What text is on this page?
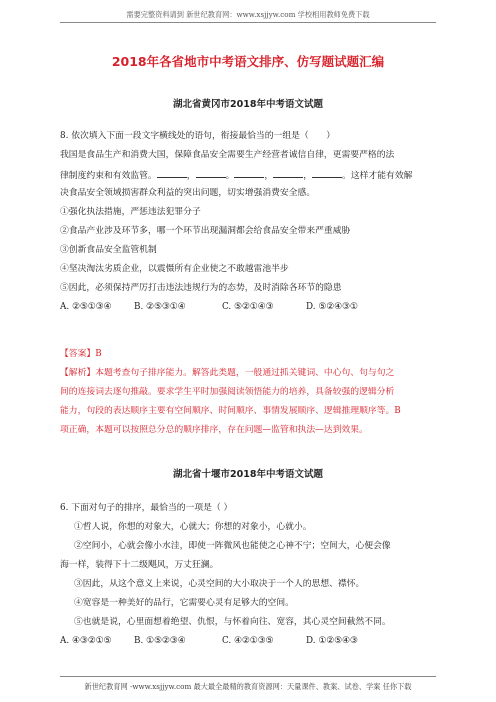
需要完整资料请到 新世纪教育网：www.xsjjyw.com 学校相用教师免费下载
2018年各省地市中考语文排序、仿写题试题汇编
湖北省黄冈市2018年中考语文试题
8. 依次填入下面一段文字横线处的语句，衔接最恰当的一组是（　　）
我国是食品生产和消费大国，保障食品安全需要生产经营者诚信自律，更需要严格的法
律制度约束和有效监管。	，	。	，	，	。这样才能有效解
决食品安全领域损害群众利益的突出问题，切实增强消费安全感。
①强化执法措施，严惩违法犯罪分子
②食品产业涉及环节多，哪一个环节出现漏洞都会给食品安全带来严重威胁
③创新食品安全监管机制
④坚决淘汰劣质企业，以震慑所有企业使之不敢越雷池半步
⑤因此，必须保持严厉打击违法违规行为的态势，及时消除各环节的隐患
A. ②⑤①③④	B. ②⑤③①④	C. ⑤②①④③	D. ⑤②④③①
【答案】B
【解析】本题考查句子排序能力。解答此类题，一般通过抓关键词、中心句、句与句之
间的连接词去逐句推敲。要求学生平时加强阅读领悟能力的培养，具备较强的逻辑分析
能力，句段的表达顺序主要有空间顺序、时间顺序、事情发展顺序、逻辑推理顺序等。B
项正确，本题可以按照总分总的顺序排序，存在问题—监管和执法—达到效果。
湖北省十堰市2018年中考语文试题
6. 下面对句子的排序，最恰当的一项是（ ）
①哲人说，你想的对象大，心就大；你想的对象小，心就小。
②空间小，心就会像小水洼，即使一阵微风也能使之心神不宁；空间大，心便会像
海一样，装得下十二级飓风，万丈狂澜。
③因此，从这个意义上来说，心灵空间的大小取决于一个人的思想、襟怀。
④宽容是一种美好的品行，它需要心灵有足够大的空间。
⑤也就是说，心里面想着绝望、仇恨，与怀着向往、宽容，其心灵空间截然不同。
A. ④③②①⑤	B. ①⑤②③④	C. ④②①③⑤	D. ①②⑤④③
新世纪教育网 -www.xsjjyw.com 最大最全最精的教育资源网：天量课件、教案、试卷、学案 任你下载
